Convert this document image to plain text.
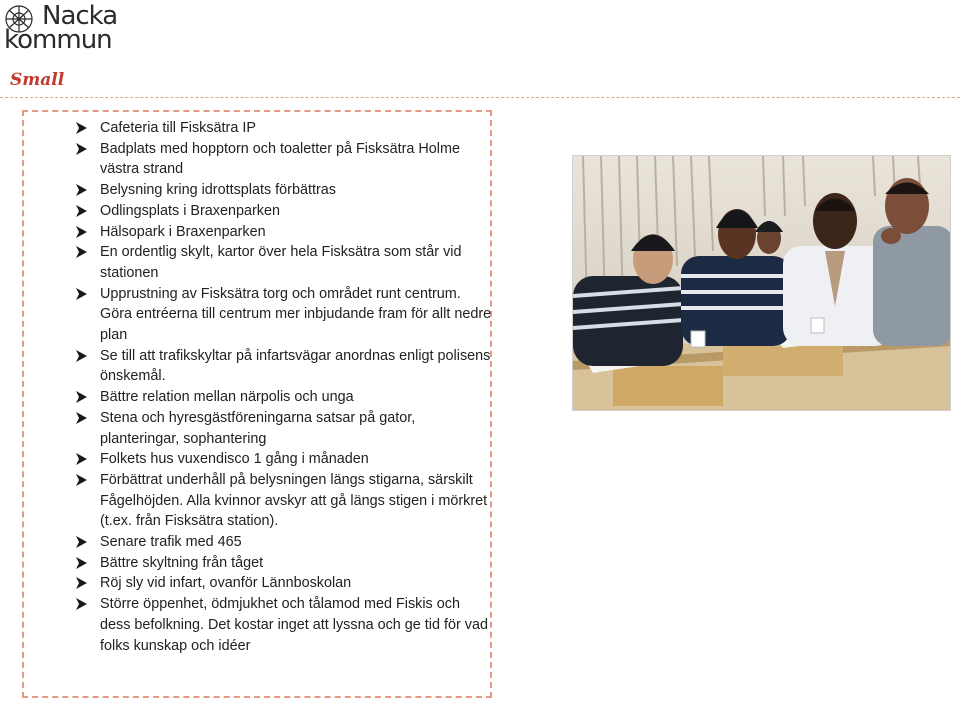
Nacka
kommun
Small
Cafeteria till Fisksätra IP
Badplats med hopptorn och toaletter på Fisksätra Holme västra strand
Belysning kring idrottsplats förbättras
Odlingsplats i Braxenparken
Hälsopark i Braxenparken
En ordentlig skylt, kartor över hela Fisksätra som står vid stationen
Upprustning av Fisksätra torg och området runt centrum. Göra entréerna till centrum mer inbjudande fram för allt nedre plan
Se till att trafikskyltar på infartsvägar anordnas enligt polisens önskemål.
Bättre relation mellan närpolis och unga
Stena och hyresgästföreningarna satsar på gator, planteringar, sophantering
Folkets hus vuxendisco 1 gång i månaden
Förbättrat underhåll på belysningen längs stigarna, särskilt Fågelhöjden. Alla kvinnor avskyr att gå längs stigen i mörkret (t.ex. från Fisksätra station).
Senare trafik med 465
Bättre skyltning från tåget
Röj sly vid infart, ovanför Lännboskolan
Större öppenhet, ödmjukhet och tålamod med Fiskis och dess befolkning. Det kostar inget att lyssna och ge tid för vad folks kunskap och idéer
